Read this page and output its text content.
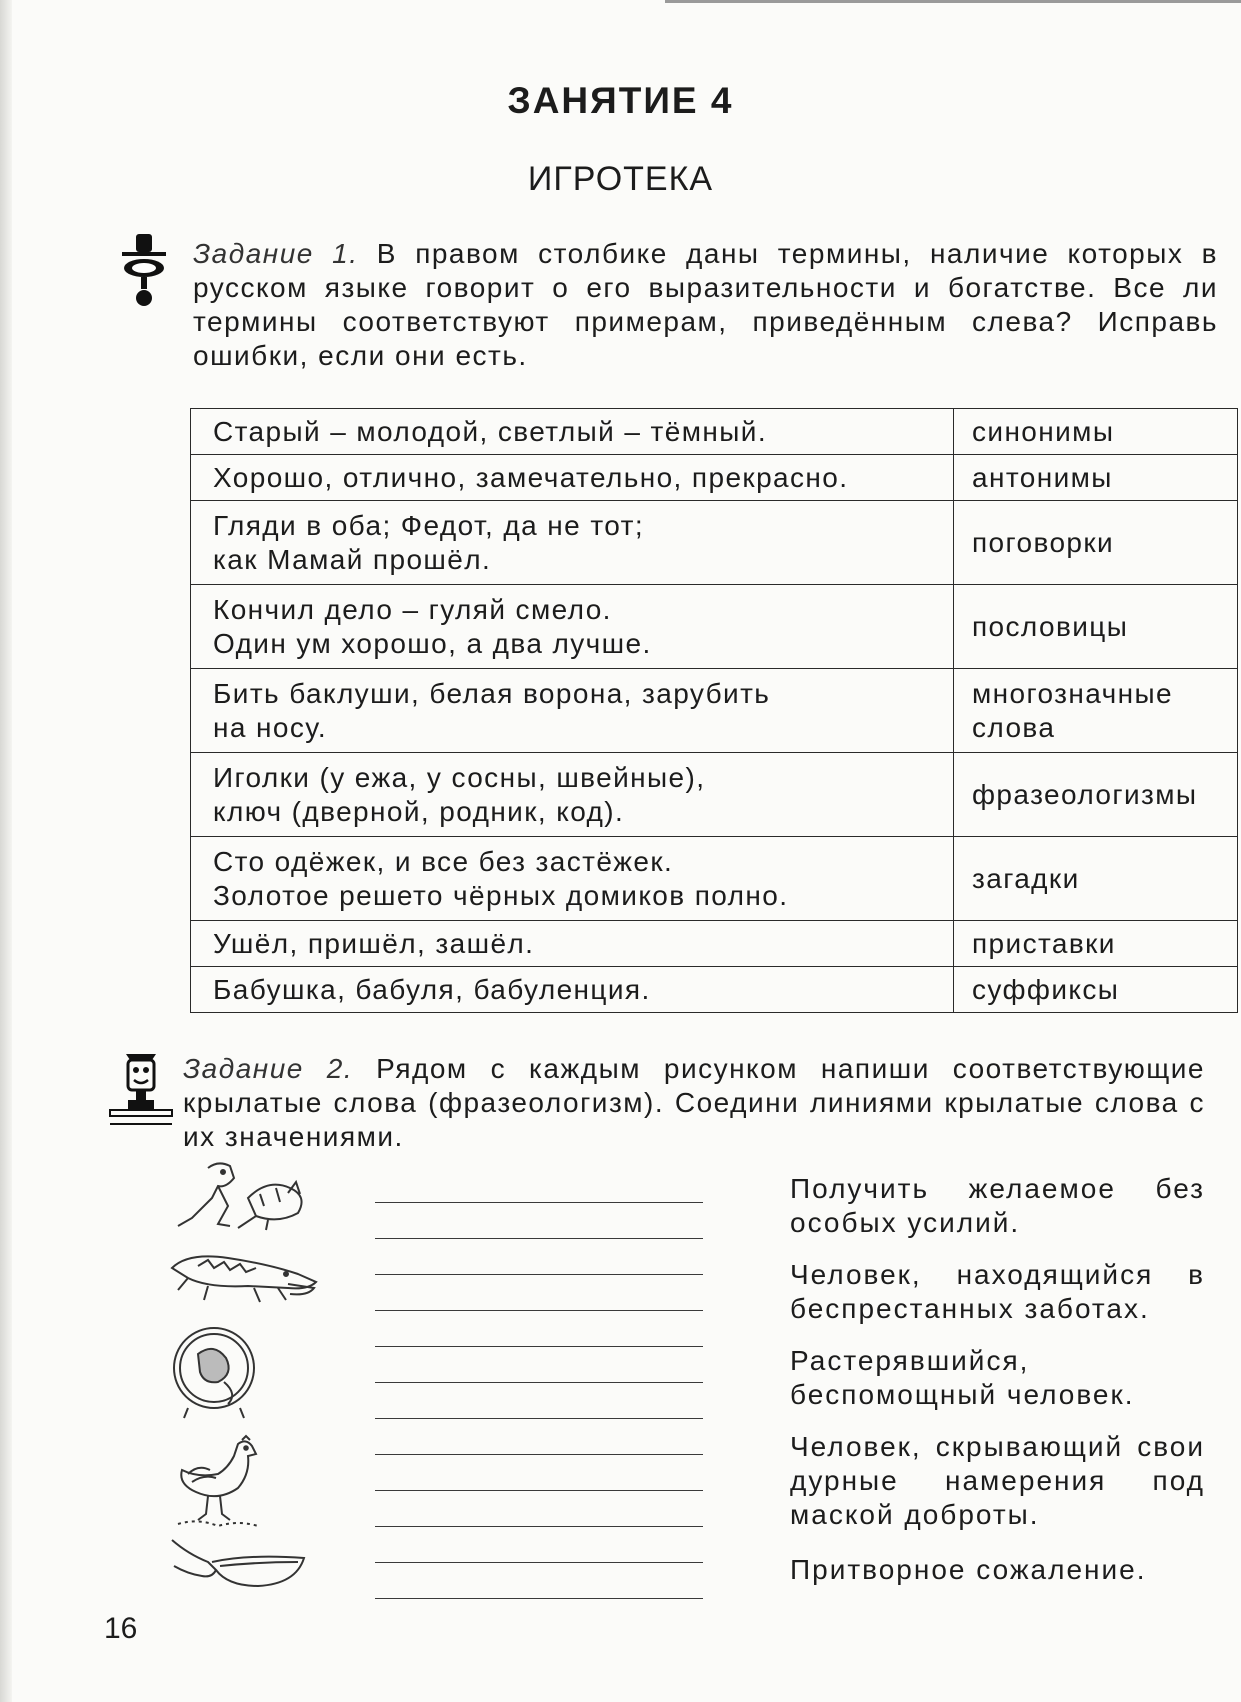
ЗАНЯТИЕ 4
ИГРОТЕКА

Задание 1. В правом столбике даны термины, наличие которых в русском языке говорит о его выразительности и богатстве. Все ли термины соответствуют примерам, приведённым слева? Исправь ошибки, если они есть.

Старый – молодой, светлый – тёмный.	синонимы

Хорошо, отлично, замечательно, прекрасно.	антонимы

Гляди в оба; Федот, да не тот;
как Мамай прошёл.	поговорки

Кончил дело – гуляй смело.
Один ум хорошо, а два лучше.	пословицы

Бить баклуши, белая ворона, зарубить
на носу.	многозначные слова

Иголки (у ежа, у сосны, швейные),
ключ (дверной, родник, код).	фразеологизмы

Сто одёжек, и все без застёжек.
Золотое решето чёрных домиков полно.	загадки

Ушёл, пришёл, зашёл.	приставки

Бабушка, бабуля, бабуленция.	суффиксы

Задание 2. Рядом с каждым рисунком напиши соответствующие крылатые слова (фразеологизм). Соедини линиями крылатые слова с их значениями.

Получить желаемое без особых усилий.
Человек, находящийся в беспрестанных заботах.
Растерявшийся, беспомощный человек.
Человек, скрывающий свои дурные намерения под маской доброты.
Притворное сожаление.
16
